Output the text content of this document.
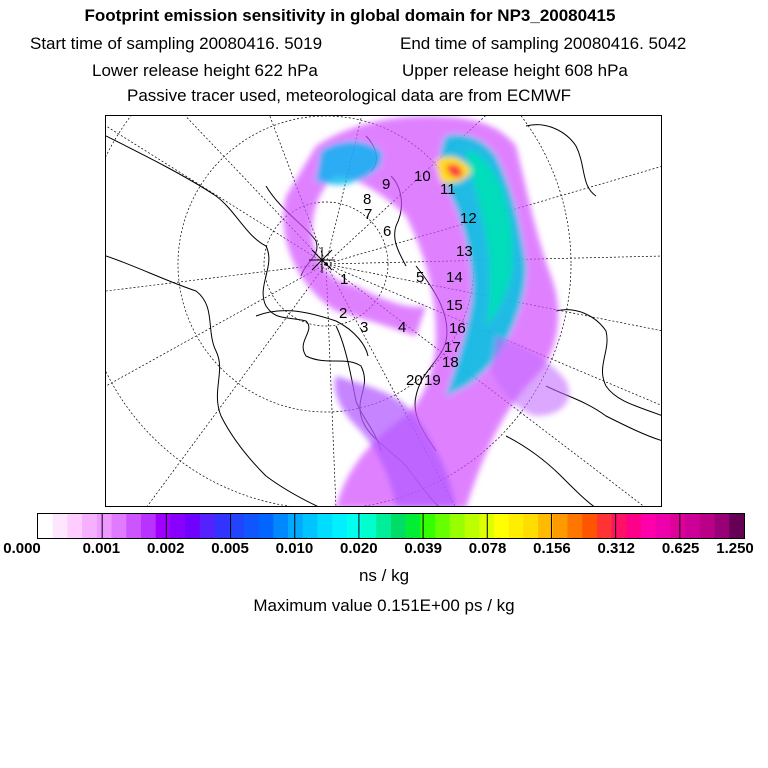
Footprint emission sensitivity in global domain for NP3_20080415
Start time of sampling 20080416. 5019	End time of sampling 20080416. 5042
Lower release height 622 hPa	Upper release height 608 hPa
Passive tracer used, meteorological data are from ECMWF
1
2
3 4
5
6
7
8
9 10
11
12
13
14
15
16
17
18
19
20
0.000	0.001 0.002 0.005 0.010 0.020 0.039 0.078 0.156 0.312 0.625 1.250
ns / kg
Maximum value 0.151E+00 ps / kg
